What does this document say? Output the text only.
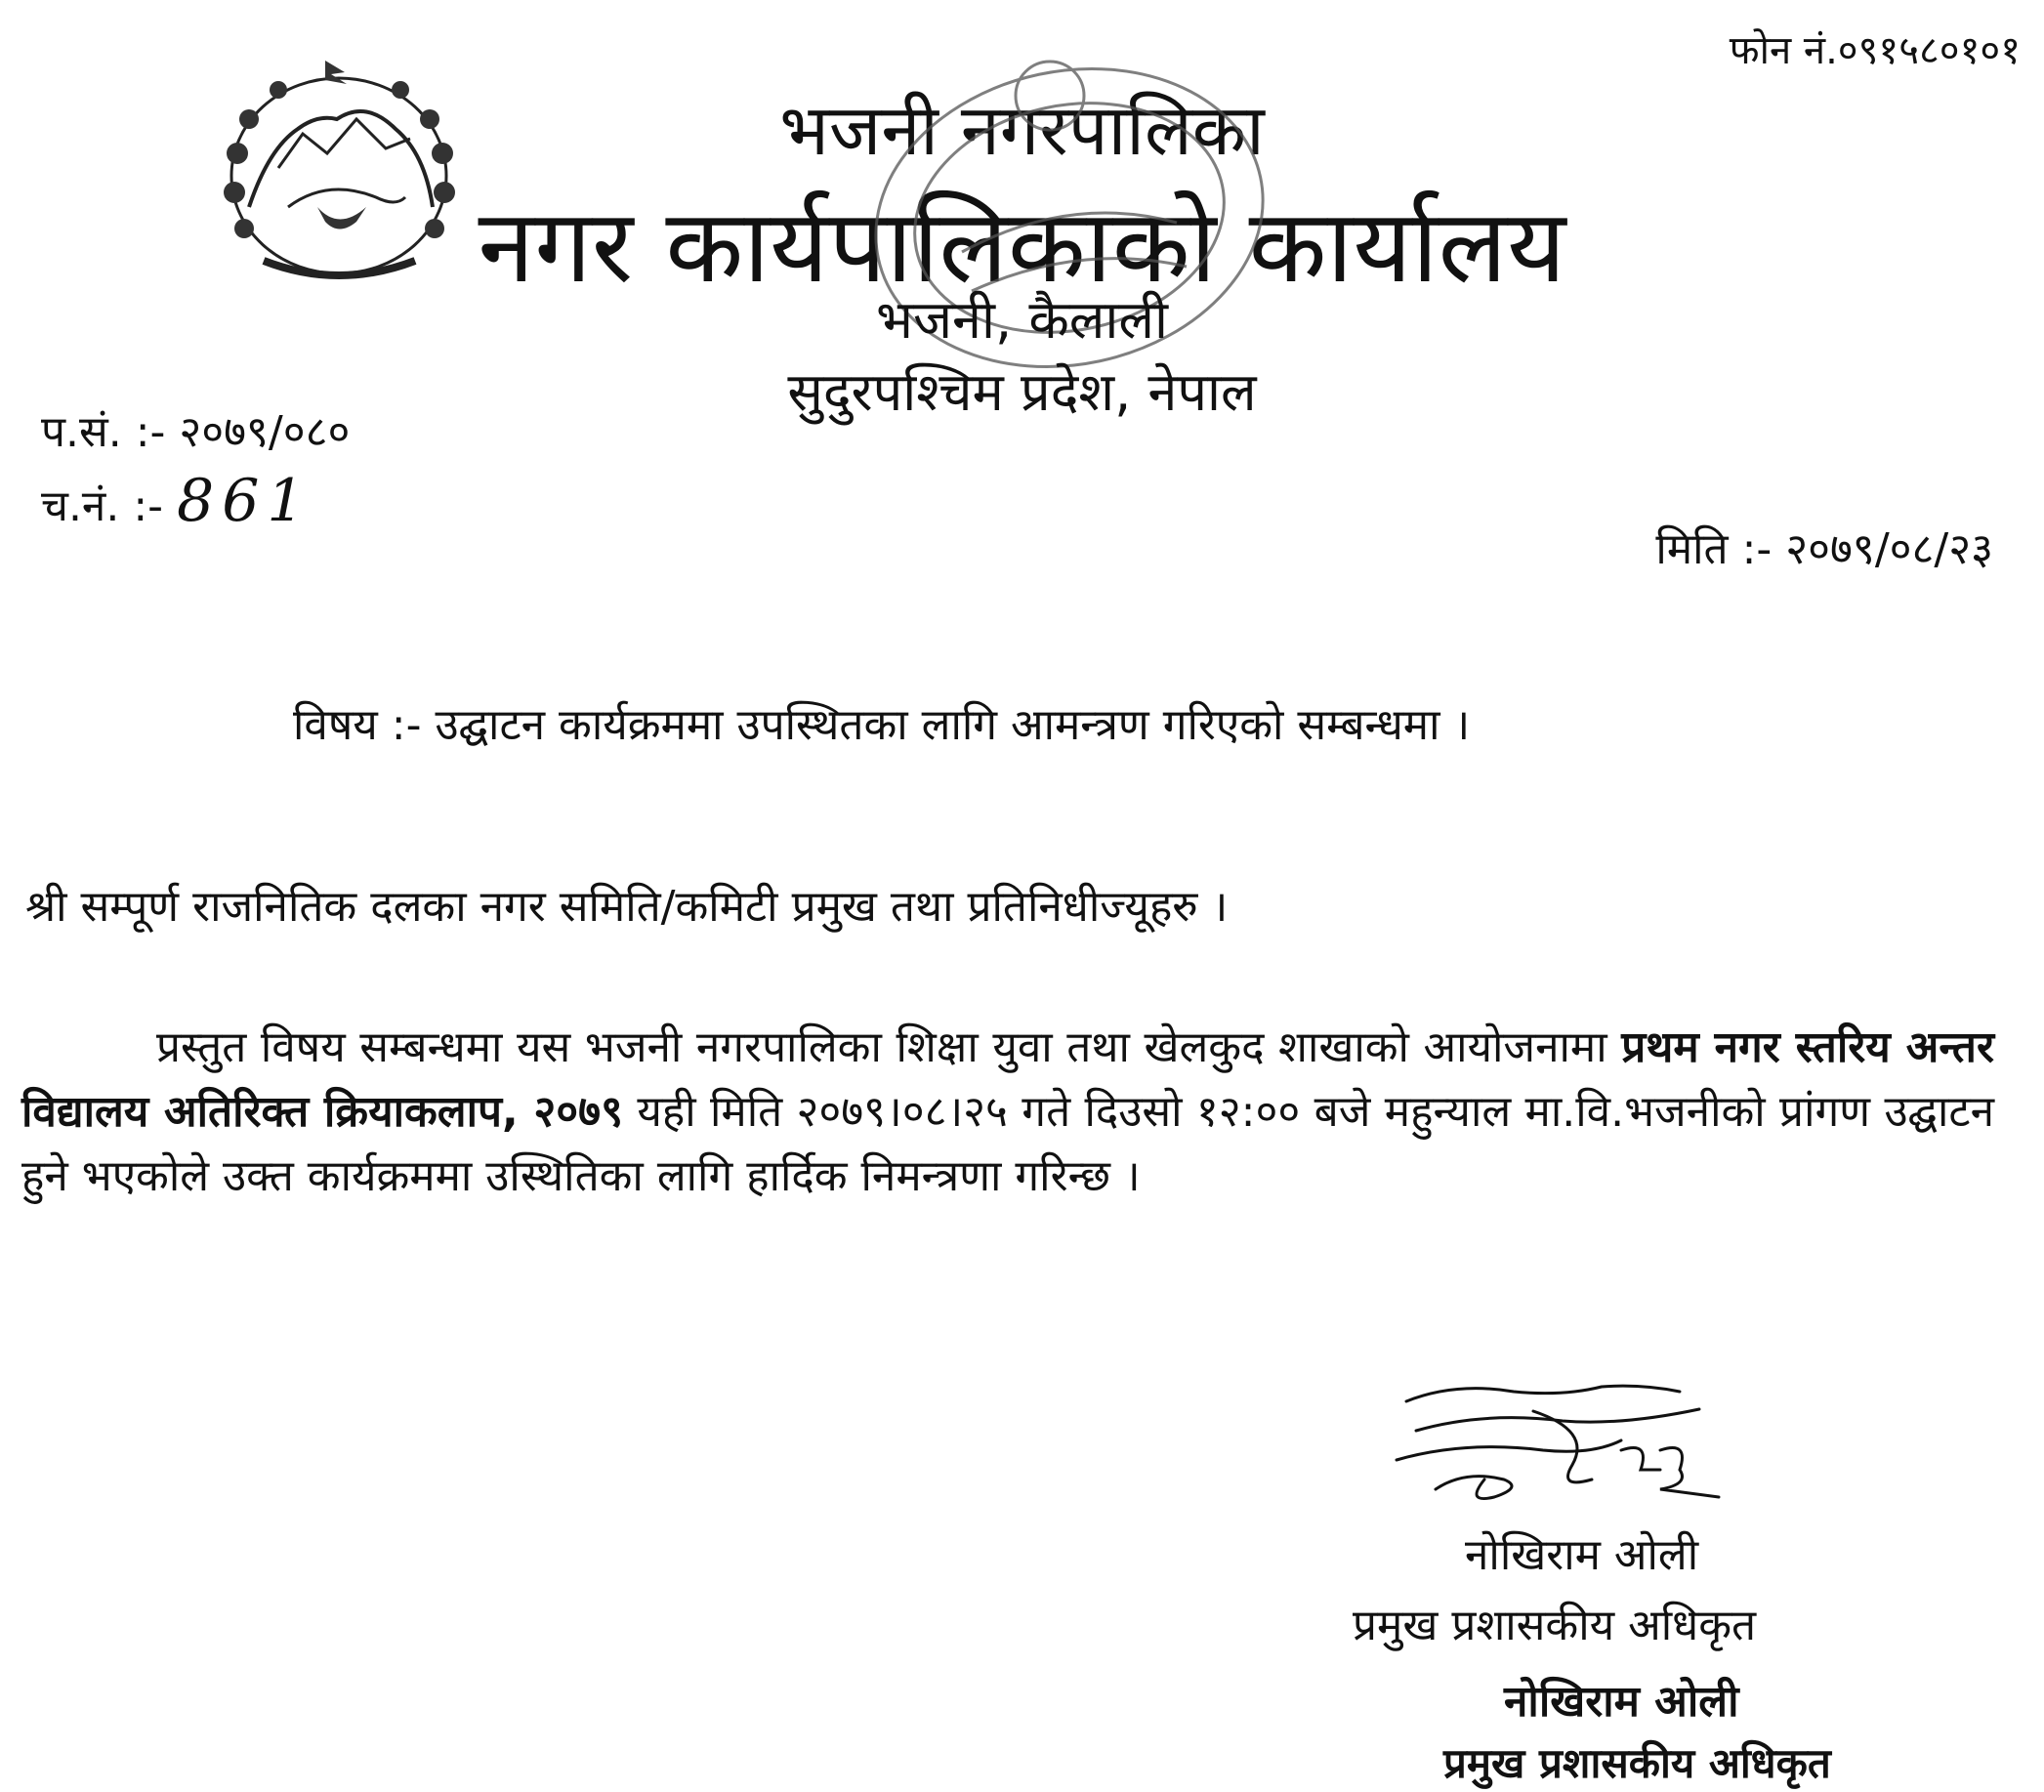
फोन नं.०९१५८०१०१
भजनी नगरपालिका
नगर कार्यपालिकाको कार्यालय
भजनी, कैलाली
सुदुरपश्चिम प्रदेश, नेपाल
प.सं. :- २०७९/०८०
च.नं. :- 861
मिति :- २०७९/०८/२३
विषय :- उद्घाटन कार्यक्रममा उपस्थितका लागि आमन्त्रण गरिएको सम्बन्धमा ।
श्री सम्पूर्ण राजनितिक दलका नगर समिति/कमिटी प्रमुख तथा प्रतिनिधीज्यूहरु ।

प्रस्तुत विषय सम्बन्धमा यस भजनी नगरपालिका शिक्षा युवा तथा खेलकुद शाखाको आयोजनामा प्रथम नगर स्तरिय अन्तर विद्यालय अतिरिक्त क्रियाकलाप, २०७९ यही मिति २०७९।०८।२५ गते दिउसो १२:०० बजे महुन्याल मा.वि.भजनीको प्रांगण उद्घाटन हुने भएकोले उक्त कार्यक्रममा उस्थितिका लागि हार्दिक निमन्त्रणा गरिन्छ ।

नोखिराम ओली
प्रमुख प्रशासकीय अधिकृत
नोखिराम ओली
प्रमुख प्रशासकीय अधिकृत
